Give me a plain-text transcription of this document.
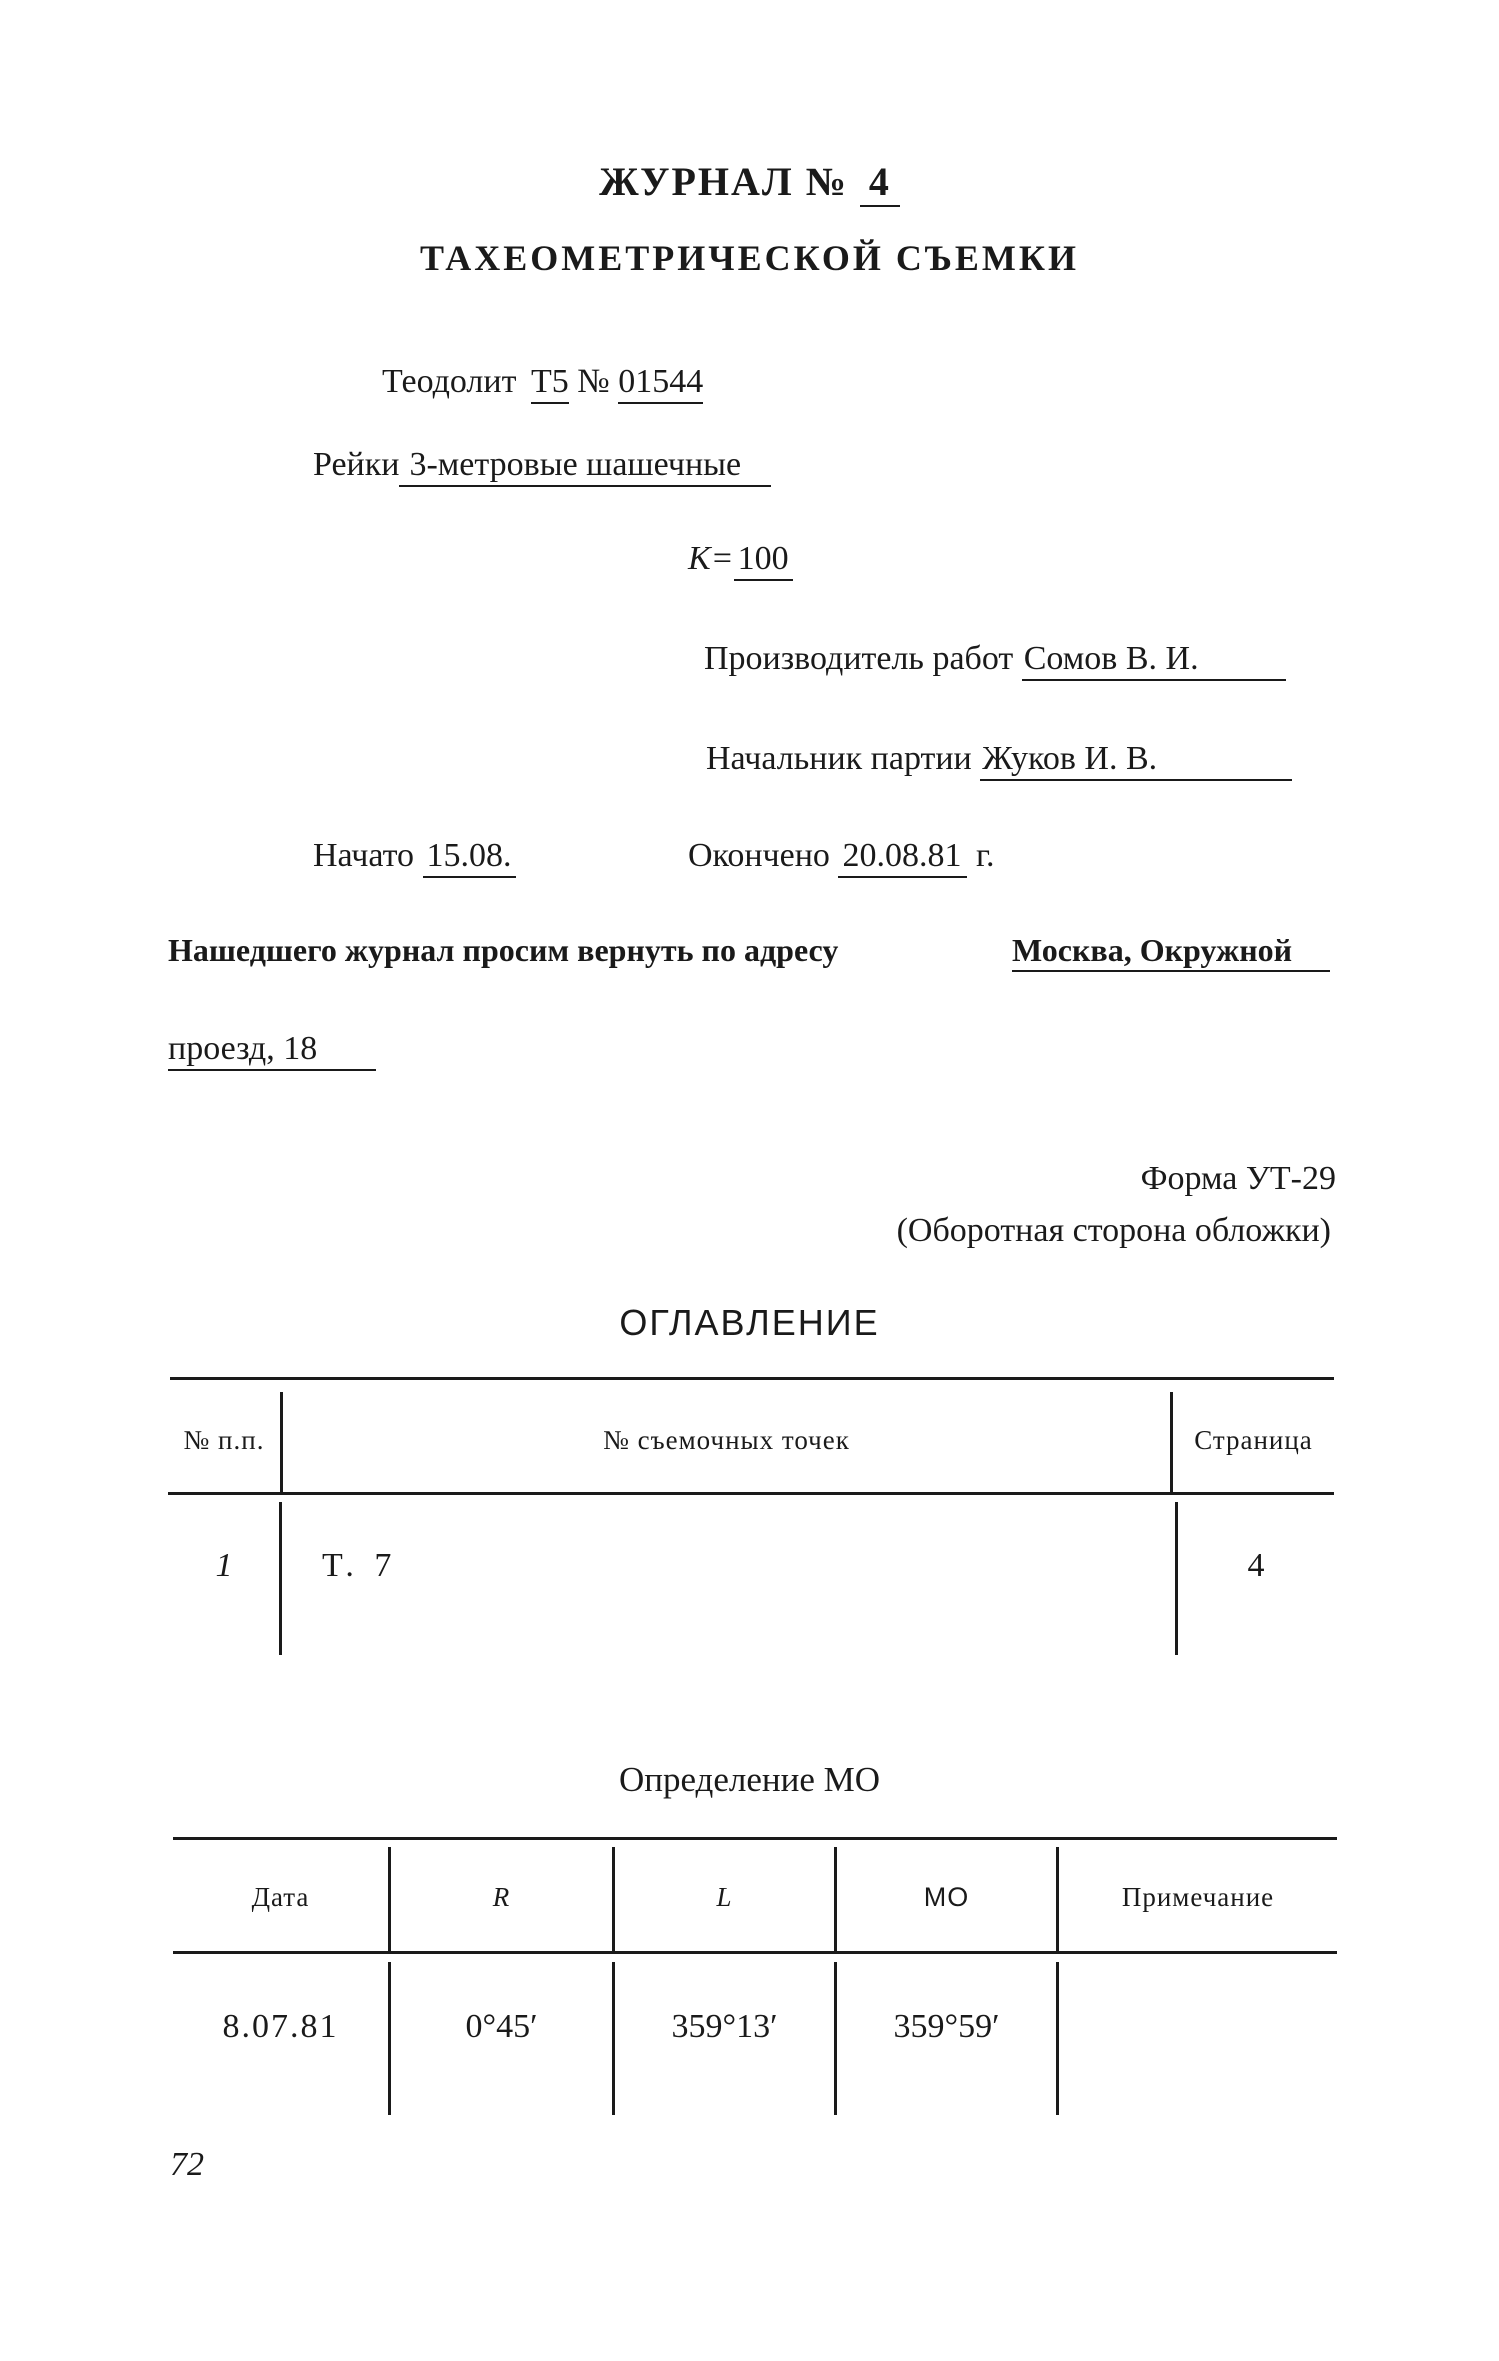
ЖУРНАЛ № 4
ТАХЕОМЕТРИЧЕСКОЙ СЪЕМКИ
Теодолит Т5 № 01544
Рейки 3-метровые шашечные
K= 100
Производитель работ Сомов В. И.
Начальник партии Жуков И. В.
Начато 15.08.	Окончено 20.08.81 г.
Нашедшего журнал просим вернуть по адресу	Москва, Окружной
проезд, 18
Форма УТ-29
(Оборотная сторона обложки)
ОГЛАВЛЕНИЕ
№ п.п.	№ съемочных точек	Страница
1	Т. 7	4
Определение МО
Дата	R	L	МО	Примечание
8.07.81	0°45′	359°13′	359°59′
72
